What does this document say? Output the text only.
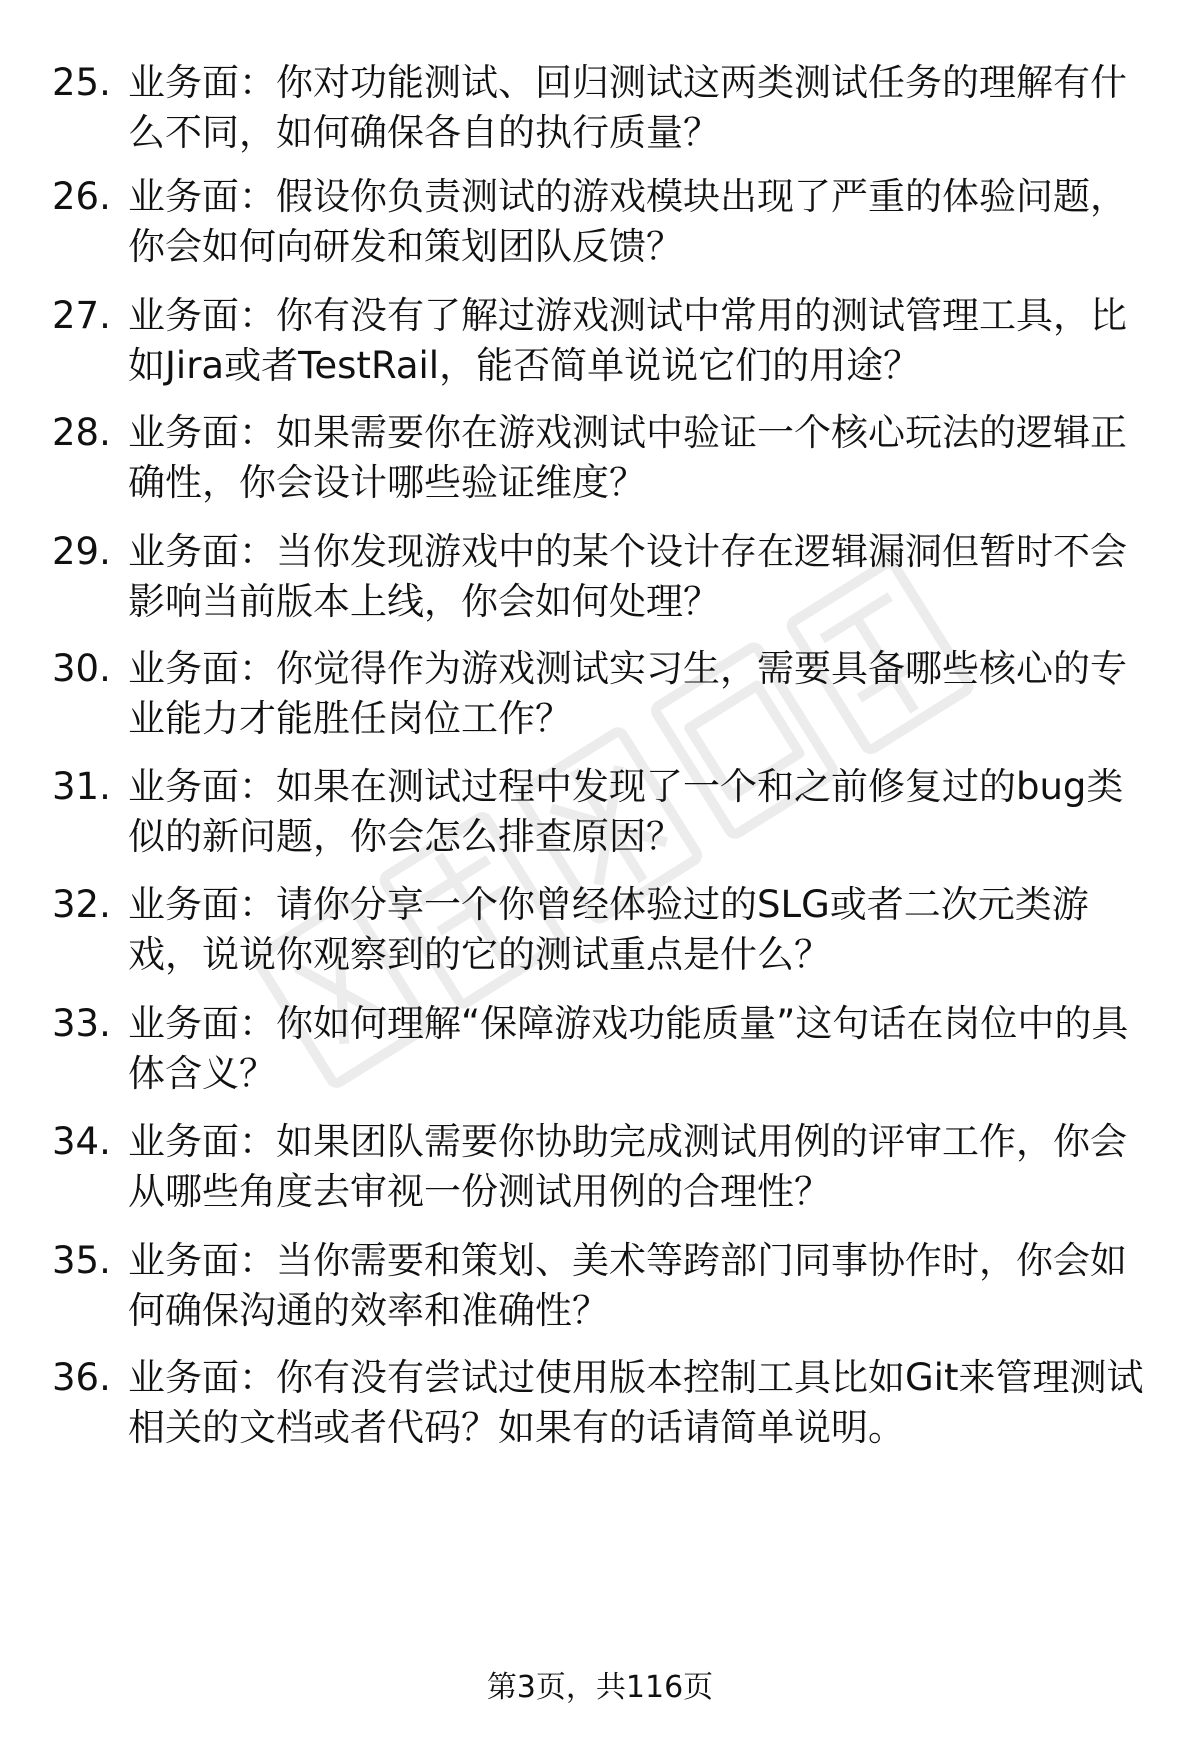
25. 业务面：你对功能测试、回归测试这两类测试任务的理解有什么不同，如何确保各自的执行质量？
26. 业务面：假设你负责测试的游戏模块出现了严重的体验问题，你会如何向研发和策划团队反馈？
27. 业务面：你有没有了解过游戏测试中常用的测试管理工具，比如Jira或者TestRail，能否简单说说它们的用途？
28. 业务面：如果需要你在游戏测试中验证一个核心玩法的逻辑正确性，你会设计哪些验证维度？
29. 业务面：当你发现游戏中的某个设计存在逻辑漏洞但暂时不会影响当前版本上线，你会如何处理？
30. 业务面：你觉得作为游戏测试实习生，需要具备哪些核心的专业能力才能胜任岗位工作？
31. 业务面：如果在测试过程中发现了一个和之前修复过的bug类似的新问题，你会怎么排查原因？
32. 业务面：请你分享一个你曾经体验过的SLG或者二次元类游戏，说说你观察到的它的测试重点是什么？
33. 业务面：你如何理解“保障游戏功能质量”这句话在岗位中的具体含义？
34. 业务面：如果团队需要你协助完成测试用例的评审工作，你会从哪些角度去审视一份测试用例的合理性？
35. 业务面：当你需要和策划、美术等跨部门同事协作时，你会如何确保沟通的效率和准确性？
36. 业务面：你有没有尝试过使用版本控制工具比如Git来管理测试相关的文档或者代码？如果有的话请简单说明。
第3页，共116页
